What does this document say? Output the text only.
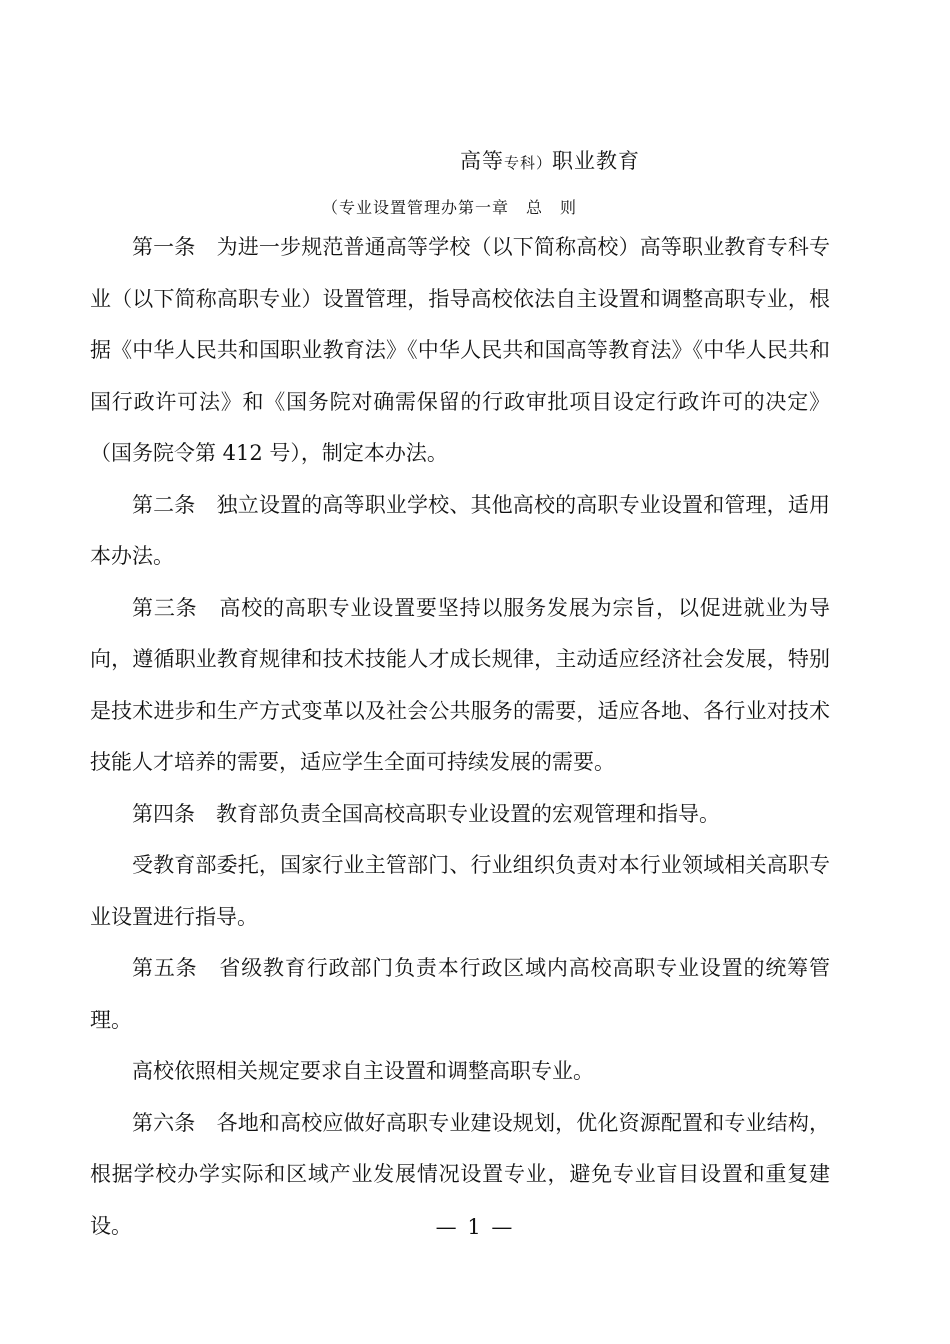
高等专科）职业教育
（专业设置管理办第一章　总　则

第一条　为进一步规范普通高等学校（以下简称高校）高等职业教育专科专业（以下简称高职专业）设置管理，指导高校依法自主设置和调整高职专业，根据《中华人民共和国职业教育法》《中华人民共和国高等教育法》《中华人民共和国行政许可法》和《国务院对确需保留的行政审批项目设定行政许可的决定》（国务院令第 412 号），制定本办法。

第二条　独立设置的高等职业学校、其他高校的高职专业设置和管理，适用本办法。

第三条　高校的高职专业设置要坚持以服务发展为宗旨，以促进就业为导向，遵循职业教育规律和技术技能人才成长规律，主动适应经济社会发展，特别是技术进步和生产方式变革以及社会公共服务的需要，适应各地、各行业对技术技能人才培养的需要，适应学生全面可持续发展的需要。

第四条　教育部负责全国高校高职专业设置的宏观管理和指导。

受教育部委托，国家行业主管部门、行业组织负责对本行业领域相关高职专业设置进行指导。

第五条　省级教育行政部门负责本行政区域内高校高职专业设置的统筹管理。

高校依照相关规定要求自主设置和调整高职专业。

第六条　各地和高校应做好高职专业建设规划，优化资源配置和专业结构，根据学校办学实际和区域产业发展情况设置专业，避免专业盲目设置和重复建设。	— 1 —
